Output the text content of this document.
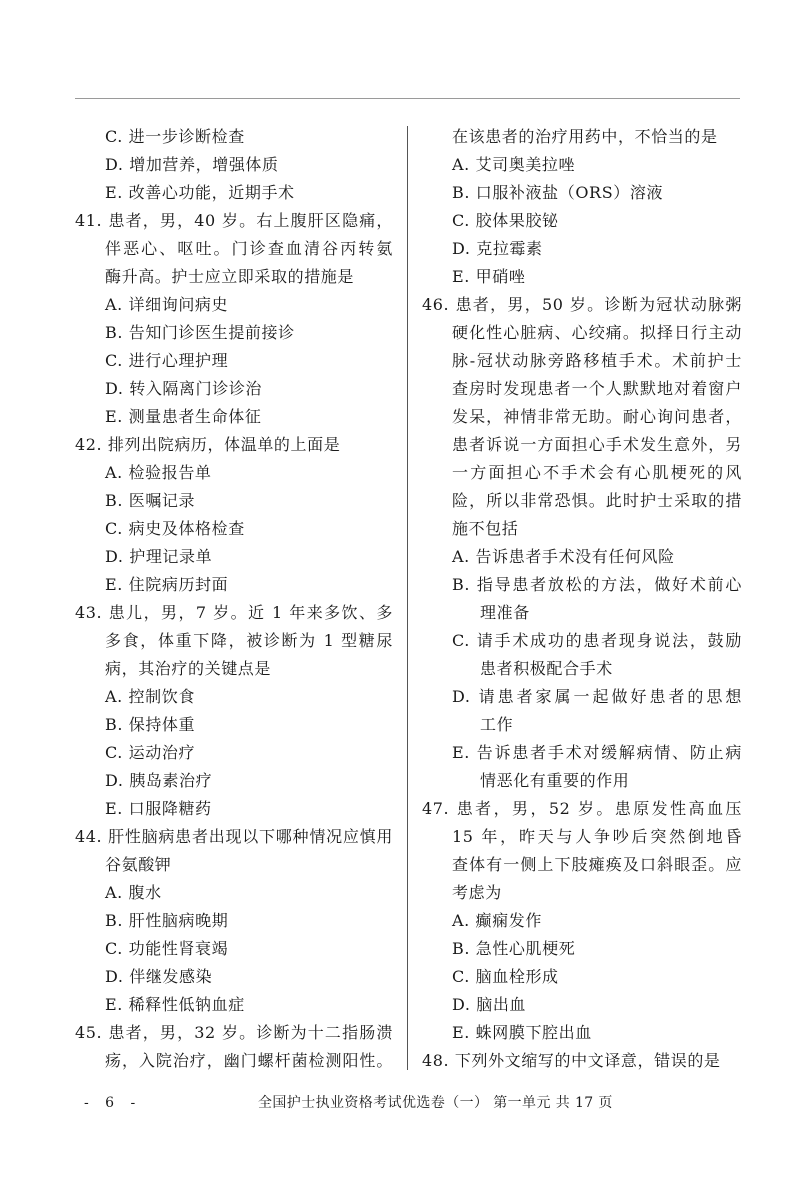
C. 进一步诊断检查
D. 增加营养，增强体质
E. 改善心功能，近期手术
41. 患者，男，40 岁。右上腹肝区隐痛，
伴恶心、呕吐。门诊查血清谷丙转氨
酶升高。护士应立即采取的措施是
A. 详细询问病史
B. 告知门诊医生提前接诊
C. 进行心理护理
D. 转入隔离门诊诊治
E. 测量患者生命体征
42. 排列出院病历，体温单的上面是
A. 检验报告单
B. 医嘱记录
C. 病史及体格检查
D. 护理记录单
E. 住院病历封面
43. 患儿，男，7 岁。近 1 年来多饮、多
多食，体重下降，被诊断为 1 型糖尿
病，其治疗的关键点是
A. 控制饮食
B. 保持体重
C. 运动治疗
D. 胰岛素治疗
E. 口服降糖药
44. 肝性脑病患者出现以下哪种情况应慎用
谷氨酸钾
A. 腹水
B. 肝性脑病晚期
C. 功能性肾衰竭
D. 伴继发感染
E. 稀释性低钠血症
45. 患者，男，32 岁。诊断为十二指肠溃
疡，入院治疗，幽门螺杆菌检测阳性。
在该患者的治疗用药中，不恰当的是
A. 艾司奥美拉唑
B. 口服补液盐（ORS）溶液
C. 胶体果胶铋
D. 克拉霉素
E. 甲硝唑
46. 患者，男，50 岁。诊断为冠状动脉粥
硬化性心脏病、心绞痛。拟择日行主动
脉-冠状动脉旁路移植手术。术前护士
查房时发现患者一个人默默地对着窗户
发呆，神情非常无助。耐心询问患者，
患者诉说一方面担心手术发生意外，另
一方面担心不手术会有心肌梗死的风
险，所以非常恐惧。此时护士采取的措
施不包括
A. 告诉患者手术没有任何风险
B. 指导患者放松的方法，做好术前心
理准备
C. 请手术成功的患者现身说法，鼓励
患者积极配合手术
D. 请患者家属一起做好患者的思想
工作
E. 告诉患者手术对缓解病情、防止病
情恶化有重要的作用
47. 患者，男，52 岁。患原发性高血压
15 年，昨天与人争吵后突然倒地昏
查体有一侧上下肢瘫痪及口斜眼歪。应
考虑为
A. 癫痫发作
B. 急性心肌梗死
C. 脑血栓形成
D. 脑出血
E. 蛛网膜下腔出血
48. 下列外文缩写的中文译意，错误的是
- 6 -	全国护士执业资格考试优选卷（一） 第一单元 共 17 页
